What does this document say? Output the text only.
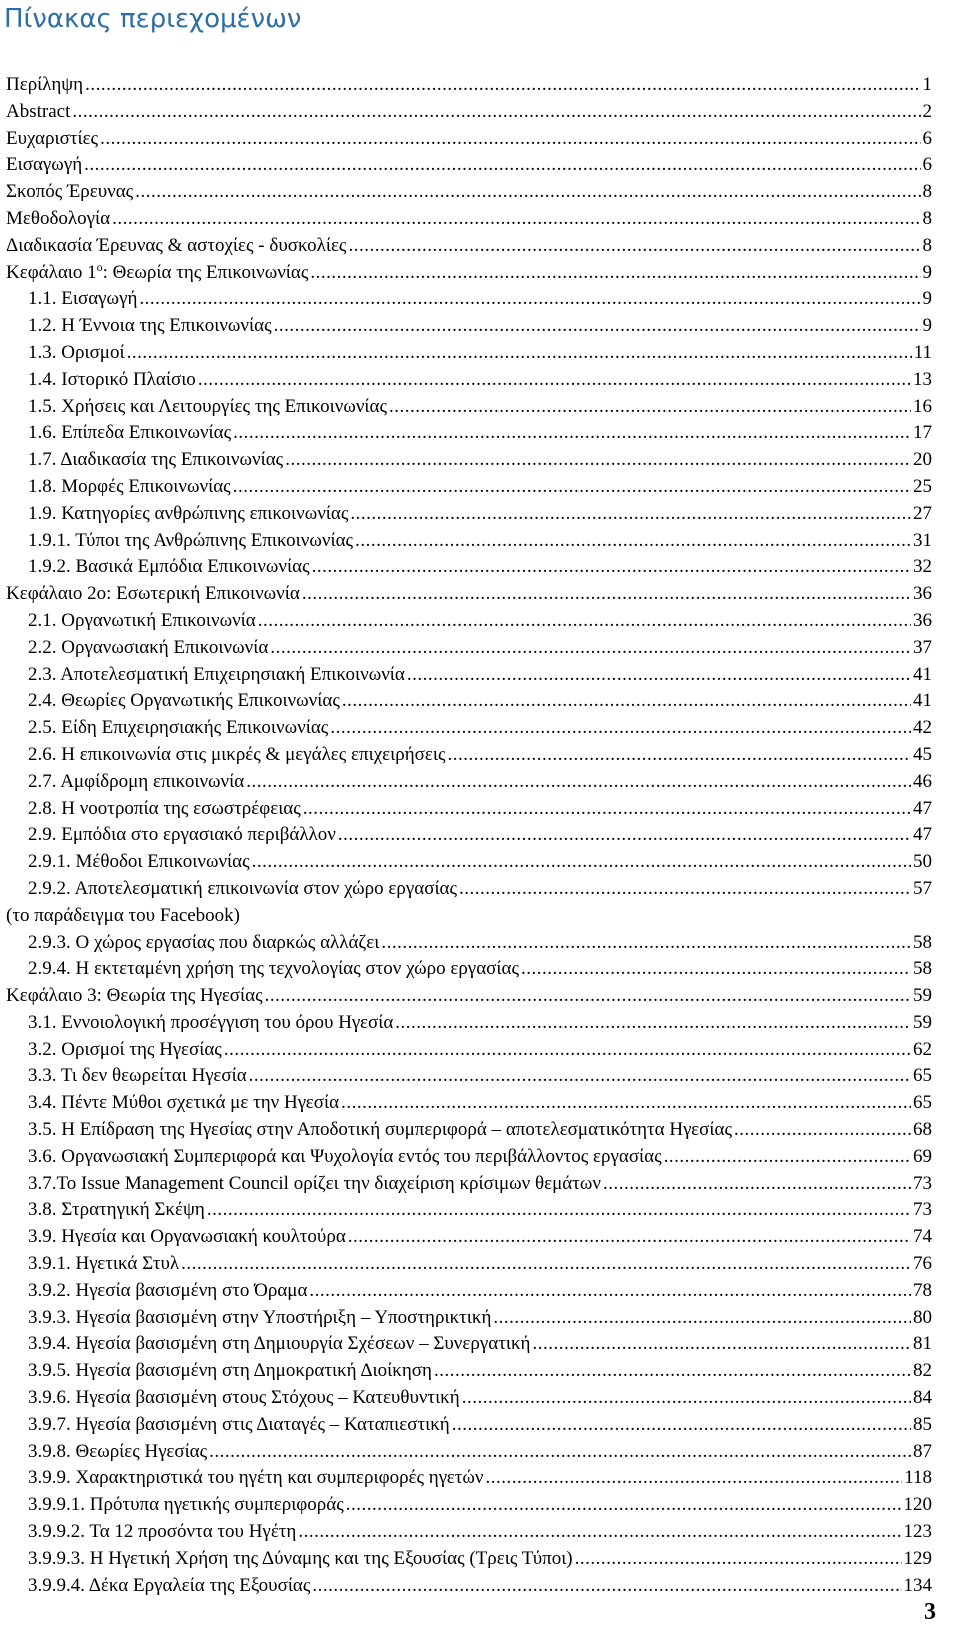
Πίνακας περιεχομένων
Περίληψη .....	1
Abstract .....	2
Ευχαριστίες .....	6
Εισαγωγή .....	6
Σκοπός Έρευνας .....	8
Μεθοδολογία .....	8
Διαδικασία Έρευνας & αστοχίες - δυσκολίες .....	8
Κεφάλαιο $1^o$: Θεωρία της Επικοινωνίας .....	9
1.1. Εισαγωγή .....	9
1.2. Η Έννοια της Επικοινωνίας .....	9
1.3. Ορισμοί .....	11
1.4. Ιστορικό Πλαίσιο .....	13
1.5. Χρήσεις και Λειτουργίες της Επικοινωνίας .....	16
1.6. Επίπεδα Επικοινωνίας .....	17
1.7. Διαδικασία της Επικοινωνίας .....	20
1.8. Μορφές Επικοινωνίας .....	25
1.9. Κατηγορίες ανθρώπινης επικοινωνίας .....	27
1.9.1. Τύποι της Ανθρώπινης Επικοινωνίας .....	31
1.9.2. Βασικά Εμπόδια Επικοινωνίας .....	32
Κεφάλαιο 2ο: Εσωτερική Επικοινωνία .....	36
2.1. Οργανωτική Επικοινωνία .....	36
2.2. Οργανωσιακή Επικοινωνία .....	37
2.3. Αποτελεσματική Επιχειρησιακή Επικοινωνία .....	41
2.4. Θεωρίες Οργανωτικής Επικοινωνίας .....	41
2.5. Είδη Επιχειρησιακής Επικοινωνίας .....	42
2.6. Η επικοινωνία στις μικρές & μεγάλες επιχειρήσεις .....	45
2.7. Αμφίδρομη επικοινωνία .....	46
2.8. Η νοοτροπία της εσωστρέφειας .....	47
2.9. Εμπόδια στο εργασιακό περιβάλλον .....	47
2.9.1. Μέθοδοι Επικοινωνίας .....	50
2.9.2. Αποτελεσματική επικοινωνία στον χώρο εργασίας .....	57
(το παράδειγμα του Facebook)
2.9.3. Ο χώρος εργασίας που διαρκώς αλλάζει .....	58
2.9.4. Η εκτεταμένη χρήση της τεχνολογίας στον χώρο εργασίας .....	58
Κεφάλαιο 3: Θεωρία της Ηγεσίας .....	59
3.1. Εννοιολογική προσέγγιση του όρου Ηγεσία .....	59
3.2. Ορισμοί της Ηγεσίας .....	62
3.3. Τι δεν θεωρείται Ηγεσία .....	65
3.4. Πέντε Μύθοι σχετικά με την Ηγεσία .....	65
3.5. Η Επίδραση της Ηγεσίας στην Αποδοτική συμπεριφορά – αποτελεσματικότητα Ηγεσίας .....	68
3.6. Οργανωσιακή Συμπεριφορά και Ψυχολογία εντός του περιβάλλοντος εργασίας .....	69
3.7.Το Issue Management Council ορίζει την διαχείριση κρίσιμων θεμάτων .....	73
3.8. Στρατηγική Σκέψη .....	73
3.9. Ηγεσία και Οργανωσιακή κουλτούρα .....	74
3.9.1. Ηγετικά Στυλ .....	76
3.9.2. Ηγεσία βασισμένη στο Όραμα .....	78
3.9.3. Ηγεσία βασισμένη στην Υποστήριξη – Υποστηρικτική .....	80
3.9.4. Ηγεσία βασισμένη στη Δημιουργία Σχέσεων – Συνεργατική .....	81
3.9.5. Ηγεσία βασισμένη στη Δημοκρατική Διοίκηση .....	82
3.9.6. Ηγεσία βασισμένη στους Στόχους – Κατευθυντική .....	84
3.9.7. Ηγεσία βασισμένη στις Διαταγές – Καταπιεστική .....	85
3.9.8. Θεωρίες Ηγεσίας .....	87
3.9.9. Χαρακτηριστικά του ηγέτη και συμπεριφορές ηγετών .....	118
3.9.9.1. Πρότυπα ηγετικής συμπεριφοράς .....	120
3.9.9.2. Τα 12 προσόντα του Ηγέτη .....	123
3.9.9.3. Η Ηγετική Χρήση της Δύναμης και της Εξουσίας (Τρεις Τύποι) .....	129
3.9.9.4. Δέκα Εργαλεία της Εξουσίας .....	134
3
